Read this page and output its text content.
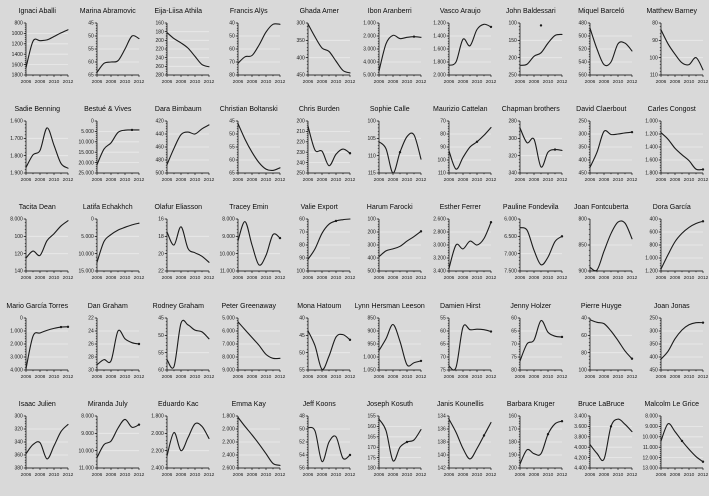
Ignaci Aballi
800
1000
1200
1400
1600
1800
2006 2008 2010 2012
Marina Abramovic
45
50
55
60
65
2006 2008 2010 2012
Eija-Liisa Athila
160
180
200
220
240
260
280
2006 2008 2010 2012
Francis Alÿs
40
50
60
70
80
2006 2008 2010 2012
Ghada Amer
300
350
400
450
2006 2008 2010 2012
Ibon Aranberri
1.000
2.000
3.000
4.000
5.000
2006 2008 2010 2012
Vasco Araujo
1.200
1.400
1.600
1.800
2.000
2006 2008 2010 2012
John Baldessari
100
150
200
250
2006 2008 2010 2012
Miquel Barceló
480
500
520
540
560
2006 2008 2010 2012
Matthew Barney
80
90
100
110
2006 2008 2010 2012
Sadie Benning
1.600
1.700
1.800
1.900
2006 2008 2010 2012
Bestué & Vives
0
5.000
10.000
15.000
20.000
25.000
2006 2008 2010 2012
Dara Bimbaum
420
440
460
480
500
2006 2008 2010 2012
Christian Boltanski
45
50
55
60
65
2006 2008 2010 2012
Chris Burden
200
210
220
230
240
250
2006 2008 2010 2012
Sophie Calle
100
105
110
115
2006 2008 2010 2012
Maurizio Cattelan
70
80
90
100
110
2006 2008 2010 2012
Chapman brothers
280
300
320
340
2006 2008 2010 2012
David Claerbout
250
300
350
400
450
2006 2008 2010 2012
Carles Congost
1.000
1.200
1.400
1.600
1.800
2006 2008 2010 2012
Tacita Dean
8.000
100
120
140
2006 2008 2010 2012
Latifa Echakhch
0
5.000
10.000
15.000
2006 2008 2010 2012
Olafur Eliasson
16
18
20
22
2006 2008 2010 2012
Tracey Emin
8.000
9.000
10.000
11.000
2006 2008 2010 2012
Valie Export
60
70
80
90
100
2006 2008 2010 2012
Harum Farocki
100
200
300
400
500
2006 2008 2010 2012
Esther Ferrer
2.600
2.800
3.000
3.200
3.400
2006 2008 2010 2012
Pauline Fondevila
6.000
6.500
7.000
7.500
2006 2008 2010 2012
Joan Fontcuberta
800
850
900
2006 2008 2010 2012
Dora García
400
600
800
1.000
1.200
2006 2008 2010 2012
Mario García Torres
0
1.000
2.000
3.000
4.000
2006 2008 2010 2012
Dan Graham
22
24
26
28
30
2006 2008 2010 2012
Rodney Graham
45
50
55
60
2006 2008 2010 2012
Peter Greenaway
5.000
6.000
7.000
8.000
9.000
2006 2008 2010 2012
Mona Hatoum
40
45
50
55
2006 2008 2010 2012
Lynn Hersman Leeson
850
900
950
1.000
1.050
2006 2008 2010 2012
Damien Hirst
55
60
65
70
75
2006 2008 2010 2012
Jenny Holzer
60
65
70
75
80
2006 2008 2010 2012
Pierre Huyge
40
60
80
100
2006 2008 2010 2012
Joan Jonas
250
300
350
400
450
2006 2008 2010 2012
Isaac Julien
300
320
340
360
380
2006 2008 2010 2012
Miranda July
8.000
9.000
10.000
11.000
2006 2008 2010 2012
Eduardo Kac
1.800
2.000
2.200
2.400
2006 2008 2010 2012
Emma Kay
1.800
2.000
2.200
2.400
2.600
2006 2008 2010 2012
Jeff Koons
48
50
52
54
56
2006 2008 2010 2012
Joseph Kosuth
155
160
165
170
175
180
2006 2008 2010 2012
Janis Kounellis
134
136
138
140
142
2006 2008 2010 2012
Barbara Kruger
160
170
180
190
200
2006 2008 2010 2012
Bruce LaBruce
3.400
3.600
3.800
4.000
4.200
4.400
2006 2008 2010 2012
Malcolm Le Grice
8.000
9.000
10.000
11.000
12.000
13.000
2006 2008 2010 2012
